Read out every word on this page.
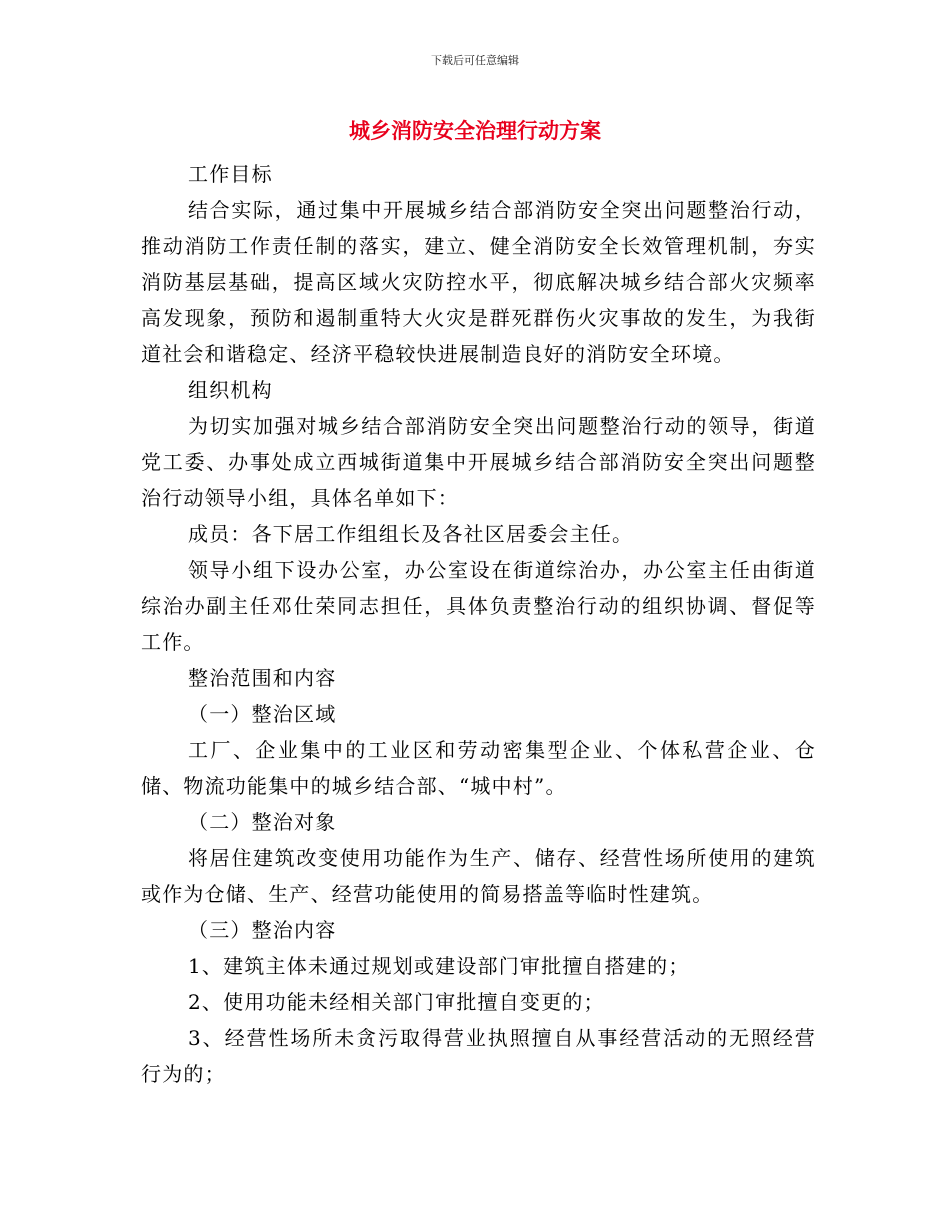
下载后可任意编辑
城乡消防安全治理行动方案

工作目标

结合实际，通过集中开展城乡结合部消防安全突出问题整治行动，推动消防工作责任制的落实，建立、健全消防安全长效管理机制，夯实消防基层基础，提高区域火灾防控水平，彻底解决城乡结合部火灾频率高发现象，预防和遏制重特大火灾是群死群伤火灾事故的发生，为我街道社会和谐稳定、经济平稳较快进展制造良好的消防安全环境。

组织机构

为切实加强对城乡结合部消防安全突出问题整治行动的领导，街道党工委、办事处成立西城街道集中开展城乡结合部消防安全突出问题整治行动领导小组，具体名单如下：

成员：各下居工作组组长及各社区居委会主任。

领导小组下设办公室，办公室设在街道综治办，办公室主任由街道综治办副主任邓仕荣同志担任，具体负责整治行动的组织协调、督促等工作。

整治范围和内容

（一）整治区域

工厂、企业集中的工业区和劳动密集型企业、个体私营企业、仓储、物流功能集中的城乡结合部、“城中村”。

（二）整治对象

将居住建筑改变使用功能作为生产、储存、经营性场所使用的建筑或作为仓储、生产、经营功能使用的简易搭盖等临时性建筑。

（三）整治内容

1、建筑主体未通过规划或建设部门审批擅自搭建的；

2、使用功能未经相关部门审批擅自变更的；

3、经营性场所未贪污取得营业执照擅自从事经营活动的无照经营行为的；
